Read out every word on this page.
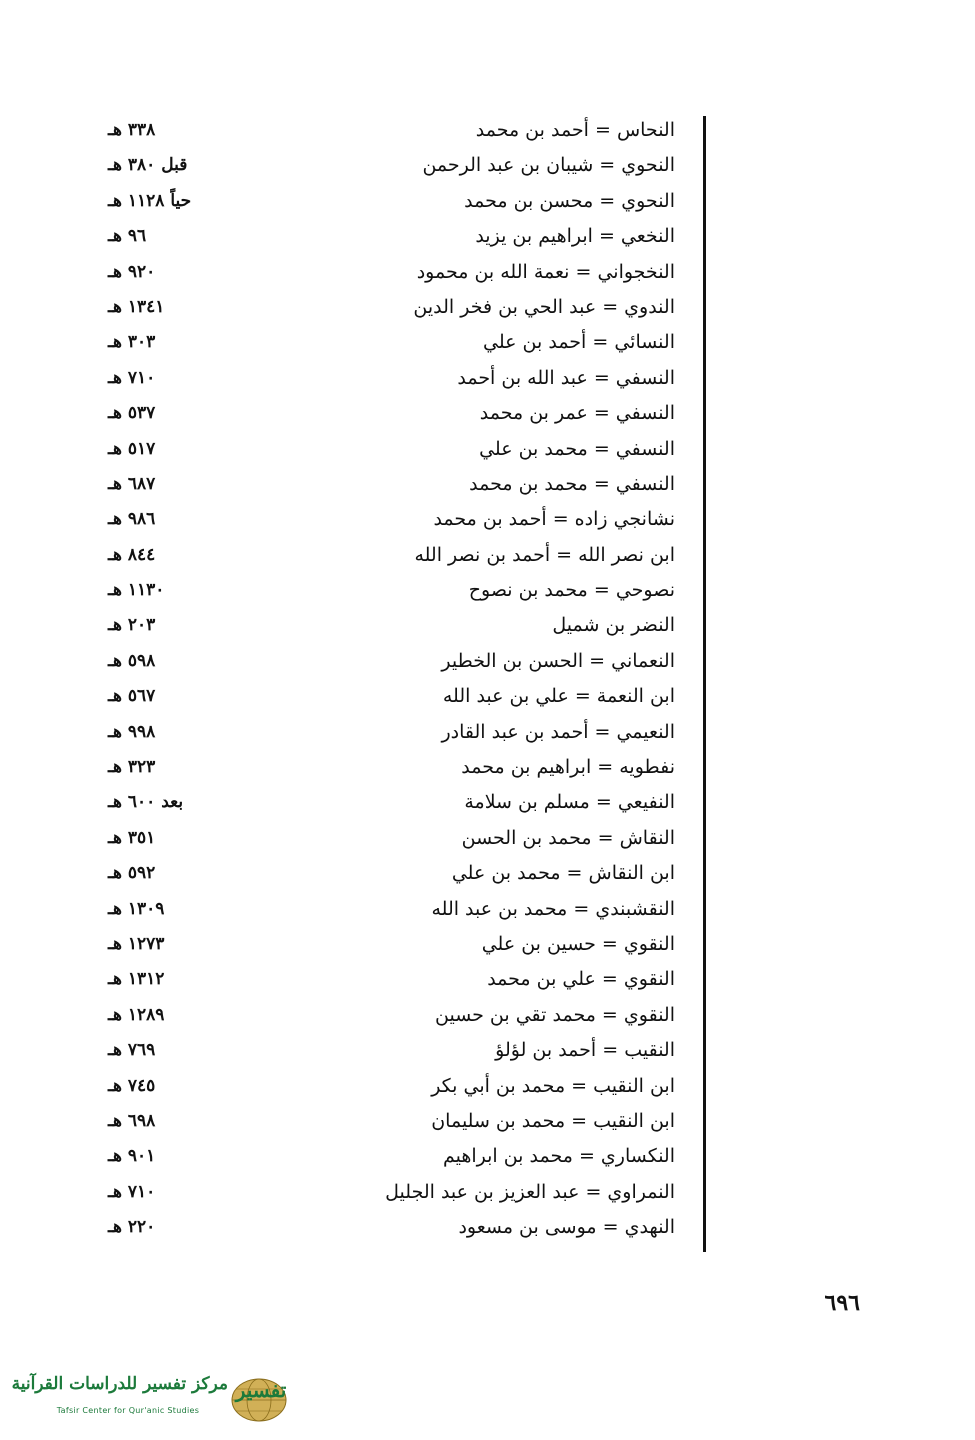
النحاس = أحمد بن محمد
٣٣٨ هـ
النحوي = شيبان بن عبد الرحمن
قبل ٣٨٠ هـ
النحوي = محسن بن محمد
حياً ١١٢٨ هـ
النخعي = ابراهيم بن يزيد
٩٦ هـ
النخجواني = نعمة الله بن محمود
٩٢٠ هـ
الندوي = عبد الحي بن فخر الدين
١٣٤١ هـ
النسائي = أحمد بن علي
٣٠٣ هـ
النسفي = عبد الله بن أحمد
٧١٠ هـ
النسفي = عمر بن محمد
٥٣٧ هـ
النسفي = محمد بن علي
٥١٧ هـ
النسفي = محمد بن محمد
٦٨٧ هـ
نشانجي زاده = أحمد بن محمد
٩٨٦ هـ
ابن نصر الله = أحمد بن نصر الله
٨٤٤ هـ
نصوحي = محمد بن نصوح
١١٣٠ هـ
النضر بن شميل
٢٠٣ هـ
النعماني = الحسن بن الخطير
٥٩٨ هـ
ابن النعمة = علي بن عبد الله
٥٦٧ هـ
النعيمي = أحمد بن عبد القادر
٩٩٨ هـ
نفطويه = ابراهيم بن محمد
٣٢٣ هـ
النفيعي = مسلم بن سلامة
بعد ٦٠٠ هـ
النقاش = محمد بن الحسن
٣٥١ هـ
ابن النقاش = محمد بن علي
٥٩٢ هـ
النقشبندي = محمد بن عبد الله
١٣٠٩ هـ
النقوي = حسين بن علي
١٢٧٣ هـ
النقوي = علي بن محمد
١٣١٢ هـ
النقوي = محمد تقي بن حسين
١٢٨٩ هـ
النقيب = أحمد بن لؤلؤ
٧٦٩ هـ
ابن النقيب = محمد بن أبي بكر
٧٤٥ هـ
ابن النقيب = محمد بن سليمان
٦٩٨ هـ
النكساري = محمد بن ابراهيم
٩٠١ هـ
النمراوي = عبد العزيز بن عبد الجليل
٧١٠ هـ
النهدي = موسى بن مسعود
٢٢٠ هـ
٦٩٦
تفسير
مركز تفسير للدراسات القرآنية
Tafsir Center for Qur'anic Studies
